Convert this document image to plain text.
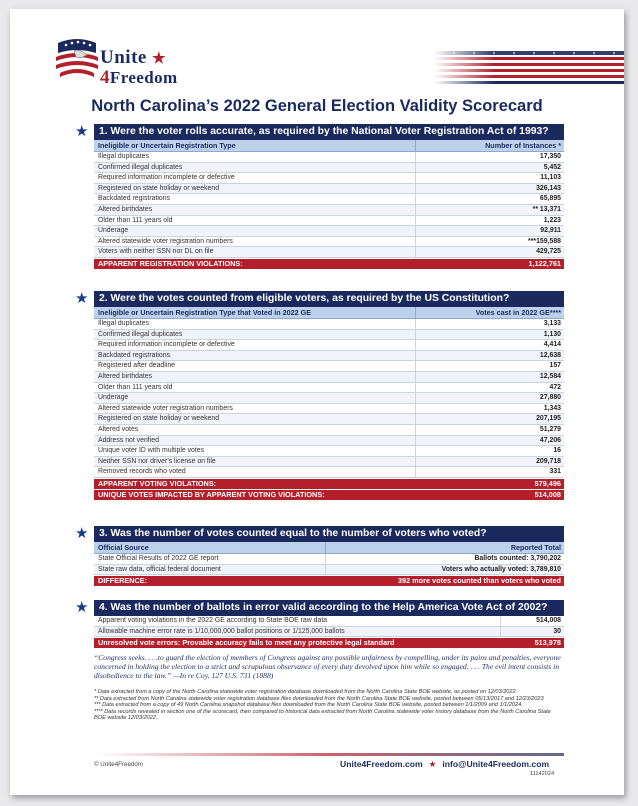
Unite ★
4Freedom
North Carolina’s 2022 General Election Validity Scorecard
★	1. Were the voter rolls accurate, as required by the National Voter Registration Act of 1993?
Ineligible or Uncertain Registration Type	Number of Instances *
Illegal duplicates	17,350
Confirmed illegal duplicates	5,452
Required information incomplete or defective	11,103
Registered on state holiday or weekend	326,143
Backdated registrations	65,895
Altered birthdates	** 13,371
Older than 111 years old	1,223
Underage	92,911
Altered statewide voter registration numbers	***159,588
Voters with neither SSN nor DL on file	429,725
APPARENT REGISTRATION VIOLATIONS:	1,122,761
★	2. Were the votes counted from eligible voters, as required by the US Constitution?
Ineligible or Uncertain Registration Type that Voted in 2022 GE	Votes cast in 2022 GE****
Illegal duplicates	3,133
Confirmed illegal duplicates	1,130
Required information incomplete or defective	4,414
Backdated registrations	12,638
Registered after deadline	157
Altered birthdates	12,584
Older than 111 years old	472
Underage	27,880
Altered statewide voter registration numbers	1,343
Registered on state holiday or weekend	207,195
Altered votes	51,279
Address not verified	47,206
Unique voter ID with multiple votes	16
Neither SSN nor driver's license on file	209,718
Removed records who voted	331
APPARENT VOTING VIOLATIONS:	579,496
UNIQUE VOTES IMPACTED BY APPARENT VOTING VIOLATIONS:	514,008
★	3. Was the number of votes counted equal to the number of voters who voted?
Official Source	Reported Total
State Official Results of 2022 GE report	Ballots counted: 3,790,202
State raw data, official federal document	Voters who actually voted: 3,789,810
DIFFERENCE:	392 more votes counted than voters who voted
★	4. Was the number of ballots in error valid according to the Help America Vote Act of 2002?
Apparent voting violations in the 2022 GE according to State BOE raw data	514,008
Allowable machine error rate is 1/10,000,000 ballot positions or 1/125,000 ballots	30
Unresolved vote errors: Provable accuracy fails to meet any protective legal standard	513,978
“Congress seeks. . . .to guard the election of members of Congress against any possible unfairness by compelling, under its pains and penalties, everyone concerned in holding the election to a strict and scrupulous observance of every duty devolved upon him while so engaged. . . . The evil intent consists in disobedience to the law.” —In re Coy, 127 U.S. 731 (1888)
* Data extracted from a copy of the North Carolina statewide voter registration database downloaded from the North Carolina State BOE website, as posted on 12/03/2022.
** Data extracted from North Carolina statewide voter registration database files downloaded from the North Carolina State BOE website, posted between 05/13/2017 and 12/23/2023
*** Data extracted from a copy of 49 North Carolina snapshot database files downloaded from the North Carolina State BOE website, posted between 1/1/2009 and 1/1/2024.
**** Data records revealed in section one of the scorecard, then compared to historical data extracted from North Carolina statewide voter history database from the North Carolina State BOE website 12/03/2022.
© Unite4Freedom	Unite4Freedom.com ★ info@Unite4Freedom.com
11142024
